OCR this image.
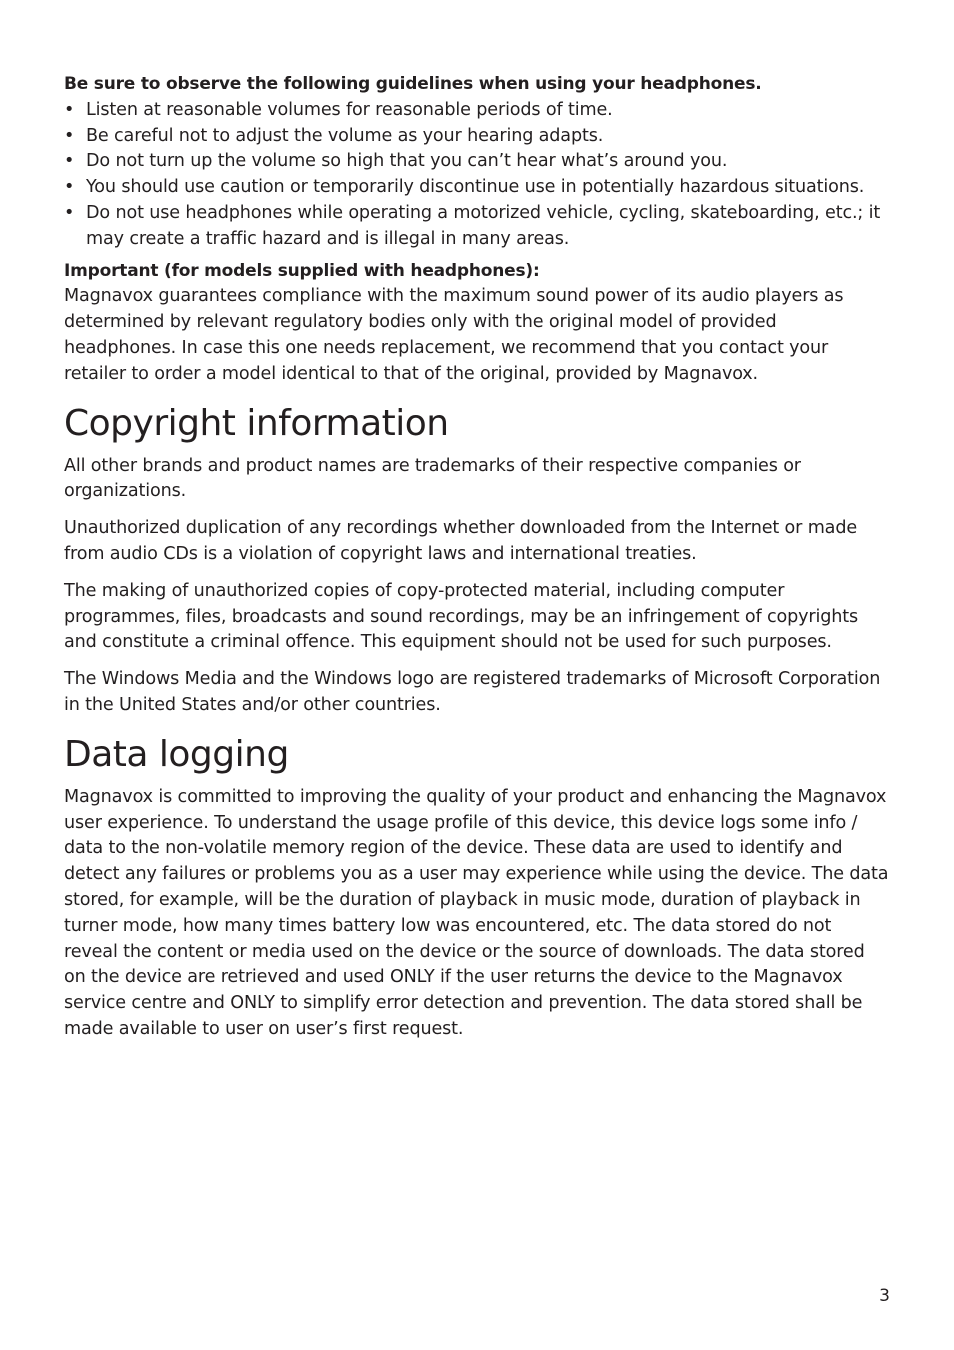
Be sure to observe the following guidelines when using your headphones.

• Listen at reasonable volumes for reasonable periods of time.
• Be careful not to adjust the volume as your hearing adapts.
• Do not turn up the volume so high that you can’t hear what’s around you.
• You should use caution or temporarily discontinue use in potentially hazardous situations.
• Do not use headphones while operating a motorized vehicle, cycling, skateboarding, etc.; it may create a traffic hazard and is illegal in many areas.

Important (for models supplied with headphones):

Magnavox guarantees compliance with the maximum sound power of its audio players as determined by relevant regulatory bodies only with the original model of provided headphones. In case this one needs replacement, we recommend that you contact your retailer to order a model identical to that of the original, provided by Magnavox.

Copyright information

All other brands and product names are trademarks of their respective companies or organizations.

Unauthorized duplication of any recordings whether downloaded from the Internet or made from audio CDs is a violation of copyright laws and international treaties.

The making of unauthorized copies of copy-protected material, including computer programmes, files, broadcasts and sound recordings, may be an infringement of copyrights and constitute a criminal offence. This equipment should not be used for such purposes.

The Windows Media and the Windows logo are registered trademarks of Microsoft Corporation in the United States and/or other countries.

Data logging

Magnavox is committed to improving the quality of your product and enhancing the Magnavox user experience. To understand the usage profile of this device, this device logs some info / data to the non-volatile memory region of the device. These data are used to identify and detect any failures or problems you as a user may experience while using the device. The data stored, for example, will be the duration of playback in music mode, duration of playback in turner mode, how many times battery low was encountered, etc. The data stored do not reveal the content or media used on the device or the source of downloads. The data stored on the device are retrieved and used ONLY if the user returns the device to the Magnavox service centre and ONLY to simplify error detection and prevention. The data stored shall be made available to user on user’s first request.

3
